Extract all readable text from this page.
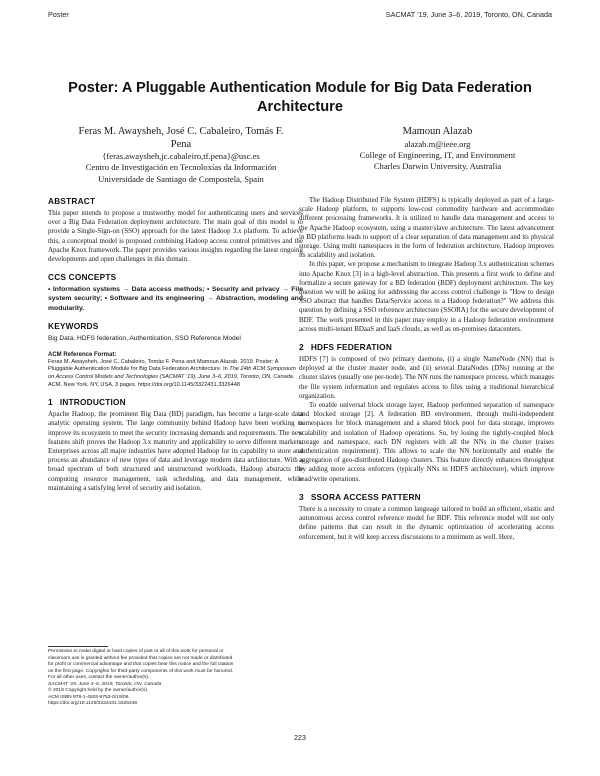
Poster	SACMAT ’19, June 3–6, 2019, Toronto, ON, Canada
Poster: A Pluggable Authentication Module for Big Data Federation Architecture
Feras M. Awaysheh, José C. Cabaleiro, Tomás F. Pena
{feras.awaysheh,jc.cabaleiro,tf.pena}@usc.es
Centro de Investigación en Tecnoloxías da Información
Universidade de Santiago de Compostela, Spain
Mamoun Alazab
alazab.m@ieee.org
College of Engineering, IT, and Environment
Charles Darwin University, Australia
ABSTRACT

This paper intends to propose a trustworthy model for authenticating users and services over a Big Data Federation deployment architecture. The main goal of this model is to provide a Single-Sign-on (SSO) approach for the latest Hadoop 3.x platform. To achieve this, a conceptual model is proposed combining Hadoop access control primitives and the Apache Knox framework. The paper provides various insights regarding the latest ongoing developments and open challenges in this domain.

CCS CONCEPTS
• Information systems → Data access methods; • Security and privacy → File system security; • Software and its engineering → Abstraction, modeling and modularity.
KEYWORDS
Big Data, HDFS federation, Authentication, SSO Reference Model
ACM Reference Format:
Feras M. Awaysheh, José C. Cabaleiro, Tomás F. Pena and Mamoun Alazab. 2019. Poster: A Pluggable Authentication Module for Big Data Federation Architecture. In The 24th ACM Symposium on Access Control Models and Technologies (SACMAT ’19), June 3–6, 2019, Toronto, ON, Canada. ACM, New York, NY, USA, 3 pages. https://doi.org/10.1145/3322431.3326448
1 INTRODUCTION

Apache Hadoop, the prominent Big Data (BD) paradigm, has become a large-scale data analytic operating system. The large community behind Hadoop have been working to improve its ecosystem to meet the security increasing demands and requirements. The new features shift proves the Hadoop 3.x maturity and applicability to serve different markets. Enterprises across all major industries have adopted Hadoop for its capability to store and process an abundance of new types of data and leverage modern data architecture. With a broad spectrum of both structured and unstructured workloads, Hadoop abstracts the computing resource management, task scheduling, and data management, while maintaining a satisfying level of security and isolation.

The Hadoop Distributed File System (HDFS) is typically deployed as part of a large-scale Hadoop platform, to supports low-cost commodity hardware and accommodate different processing frameworks. It is utilized to handle data management and access to the Apache Hadoop ecosystem, using a master/slave architecture. The latest advancement in BD platforms leads to support of a clear separation of data management and its physical storage. Using multi namespaces in the form of federation architecture, Hadoop improves its scalability and isolation.

In this paper, we propose a mechanism to integrate Hadoop 3.x authentication schemes into Apache Knox [3] in a high-level abstraction. This presents a first work to define and formalize a secure gateway for a BD federation (BDF) deployment architecture. The key question we will be asking for addressing the access control challenge is "How to design SSO abstract that handles Data/Service access in a Hadoop federation?" We address this question by defining a SSO reference architecture (SSORA) for the secure development of BDF. The work presented in this paper may employ in a Hadoop federation environment across multi-tenant BDaaS and IaaS clouds, as well as on-premises datacenters.

2 HDFS FEDERATION

HDFS [7] is composed of two primary daemons, (i) a single NameNode (NN) that is deployed at the cluster master node, and (ii) several DataNodes (DNs) running at the cluster slaves (usually one per-node). The NN runs the namespace process, which manages the file system information and regulates access to files using a traditional hierarchical organization.

To enable universal block storage layer, Hadoop performed separation of namespace and blocked storage [2]. A federation BD environment, through multi-independent namespaces for block management and a shared block pool for data storage, improves scalability and isolation of Hadoop operations. So, by losing the tightly-coupled block storage and namespace, each DN registers with all the NNs in the cluster (raises authentication requirement). This allows to scale the NN horizontally and enable the aggregation of geo-distributed Hadoop clusters. This feature directly enhances throughput by adding more access enforcers (typically NNs in HDFS architecture), which improve read/write operations.

3 SSORA ACCESS PATTERN

There is a necessity to create a common language tailored to build an efficient, elastic and autonomous access control reference model for BDF. This reference model will not only define patterns that can result in the dynamic optimization of accelerating access enforcement, but it will keep access discussions to a minimum as well. Here,

Permission to make digital or hard copies of part or all of this work for personal or
classroom use is granted without fee provided that copies are not made or distributed
for profit or commercial advantage and that copies bear this notice and the full citation
on the first page. Copyrights for third-party components of this work must be honored.
For all other uses, contact the owner/author(s).
SACMAT ’19, June 3–6, 2019, Toronto, ON, Canada
© 2019 Copyright held by the owner/author(s).
ACM ISBN 978-1-4503-6753-0/19/06.
https://doi.org/10.1145/3322431.3326448
223
